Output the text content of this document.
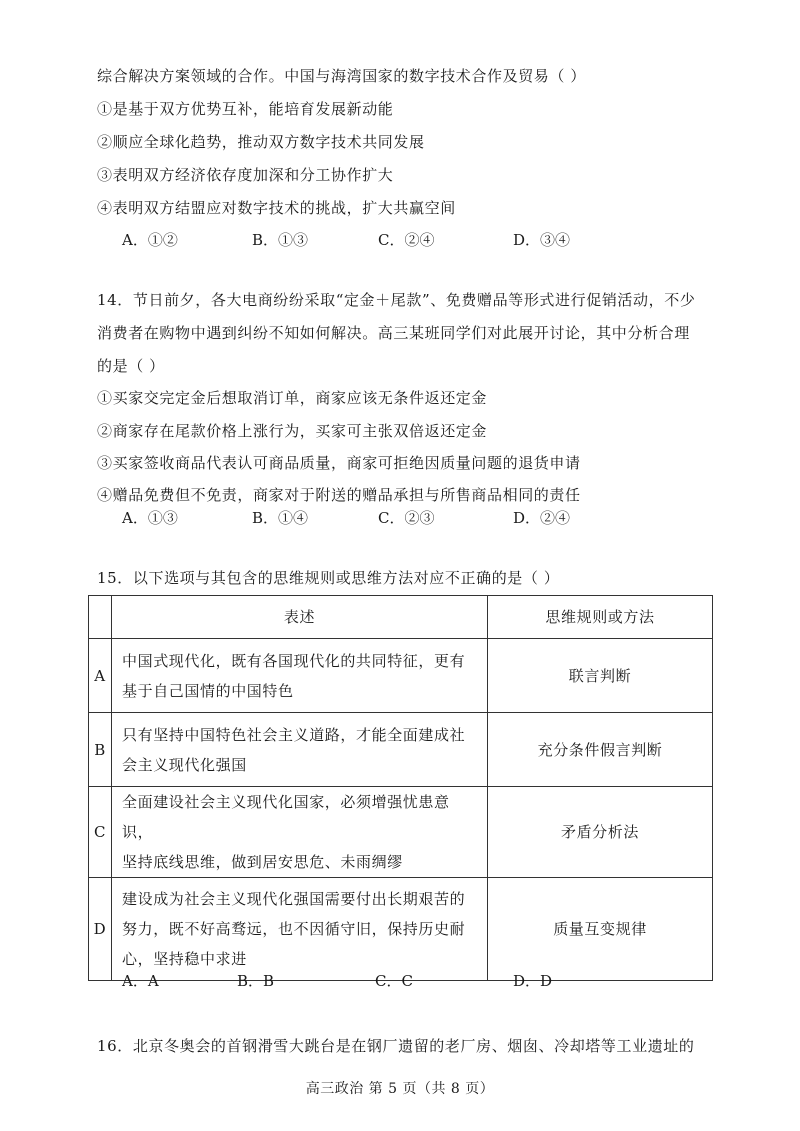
综合解决方案领域的合作。中国与海湾国家的数字技术合作及贸易（ ）
①是基于双方优势互补，能培育发展新动能
②顺应全球化趋势，推动双方数字技术共同发展
③表明双方经济依存度加深和分工协作扩大
④表明双方结盟应对数字技术的挑战，扩大共赢空间
A．①②	B．①③	C．②④	D．③④
14．节日前夕，各大电商纷纷采取“定金＋尾款”、免费赠品等形式进行促销活动，不少
消费者在购物中遇到纠纷不知如何解决。高三某班同学们对此展开讨论，其中分析合理
的是（ ）
①买家交完定金后想取消订单，商家应该无条件返还定金
②商家存在尾款价格上涨行为，买家可主张双倍返还定金
③买家签收商品代表认可商品质量，商家可拒绝因质量问题的退货申请
④赠品免费但不免责，商家对于附送的赠品承担与所售商品相同的责任
A．①③	B．①④	C．②③	D．②④
15．以下选项与其包含的思维规则或思维方法对应不正确的是（ ）
	表述	思维规则或方法
A	中国式现代化，既有各国现代化的共同特征，更有
基于自己国情的中国特色	联言判断
B	只有坚持中国特色社会主义道路，才能全面建成社
会主义现代化强国	充分条件假言判断
C	全面建设社会主义现代化国家，必须增强忧患意识，
坚持底线思维，做到居安思危、未雨绸缪	矛盾分析法
D	建设成为社会主义现代化强国需要付出长期艰苦的
努力，既不好高骛远，也不因循守旧，保持历史耐
心，坚持稳中求进	质量互变规律
A．A	B．B	C．C	D．D
16．北京冬奥会的首钢滑雪大跳台是在钢厂遗留的老厂房、烟囱、冷却塔等工业遗址的
高三政治 第 5 页（共 8 页）
